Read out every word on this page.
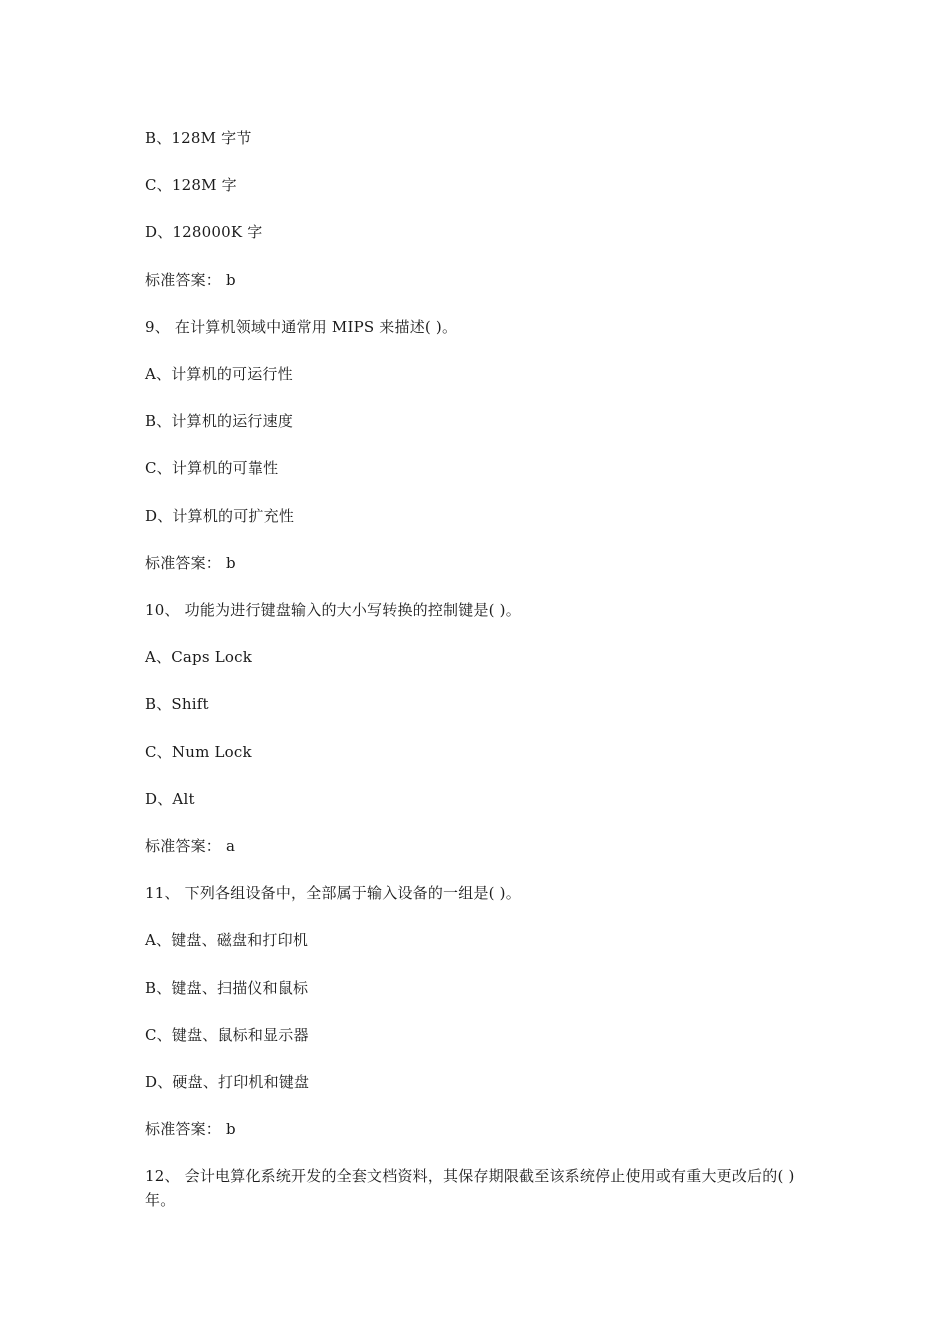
B、128M 字节
C、128M 字
D、128000K 字
标准答案： b
9、 在计算机领域中通常用 MIPS 来描述( )。
A、计算机的可运行性
B、计算机的运行速度
C、计算机的可靠性
D、计算机的可扩充性
标准答案： b
10、 功能为进行键盘输入的大小写转换的控制键是( )。
A、Caps Lock
B、Shift
C、Num Lock
D、Alt
标准答案： a
11、 下列各组设备中，全部属于输入设备的一组是( )。
A、键盘、磁盘和打印机
B、键盘、扫描仪和鼠标
C、键盘、鼠标和显示器
D、硬盘、打印机和键盘
标准答案： b
12、 会计电算化系统开发的全套文档资料，其保存期限截至该系统停止使用或有重大更改后的( )年。
